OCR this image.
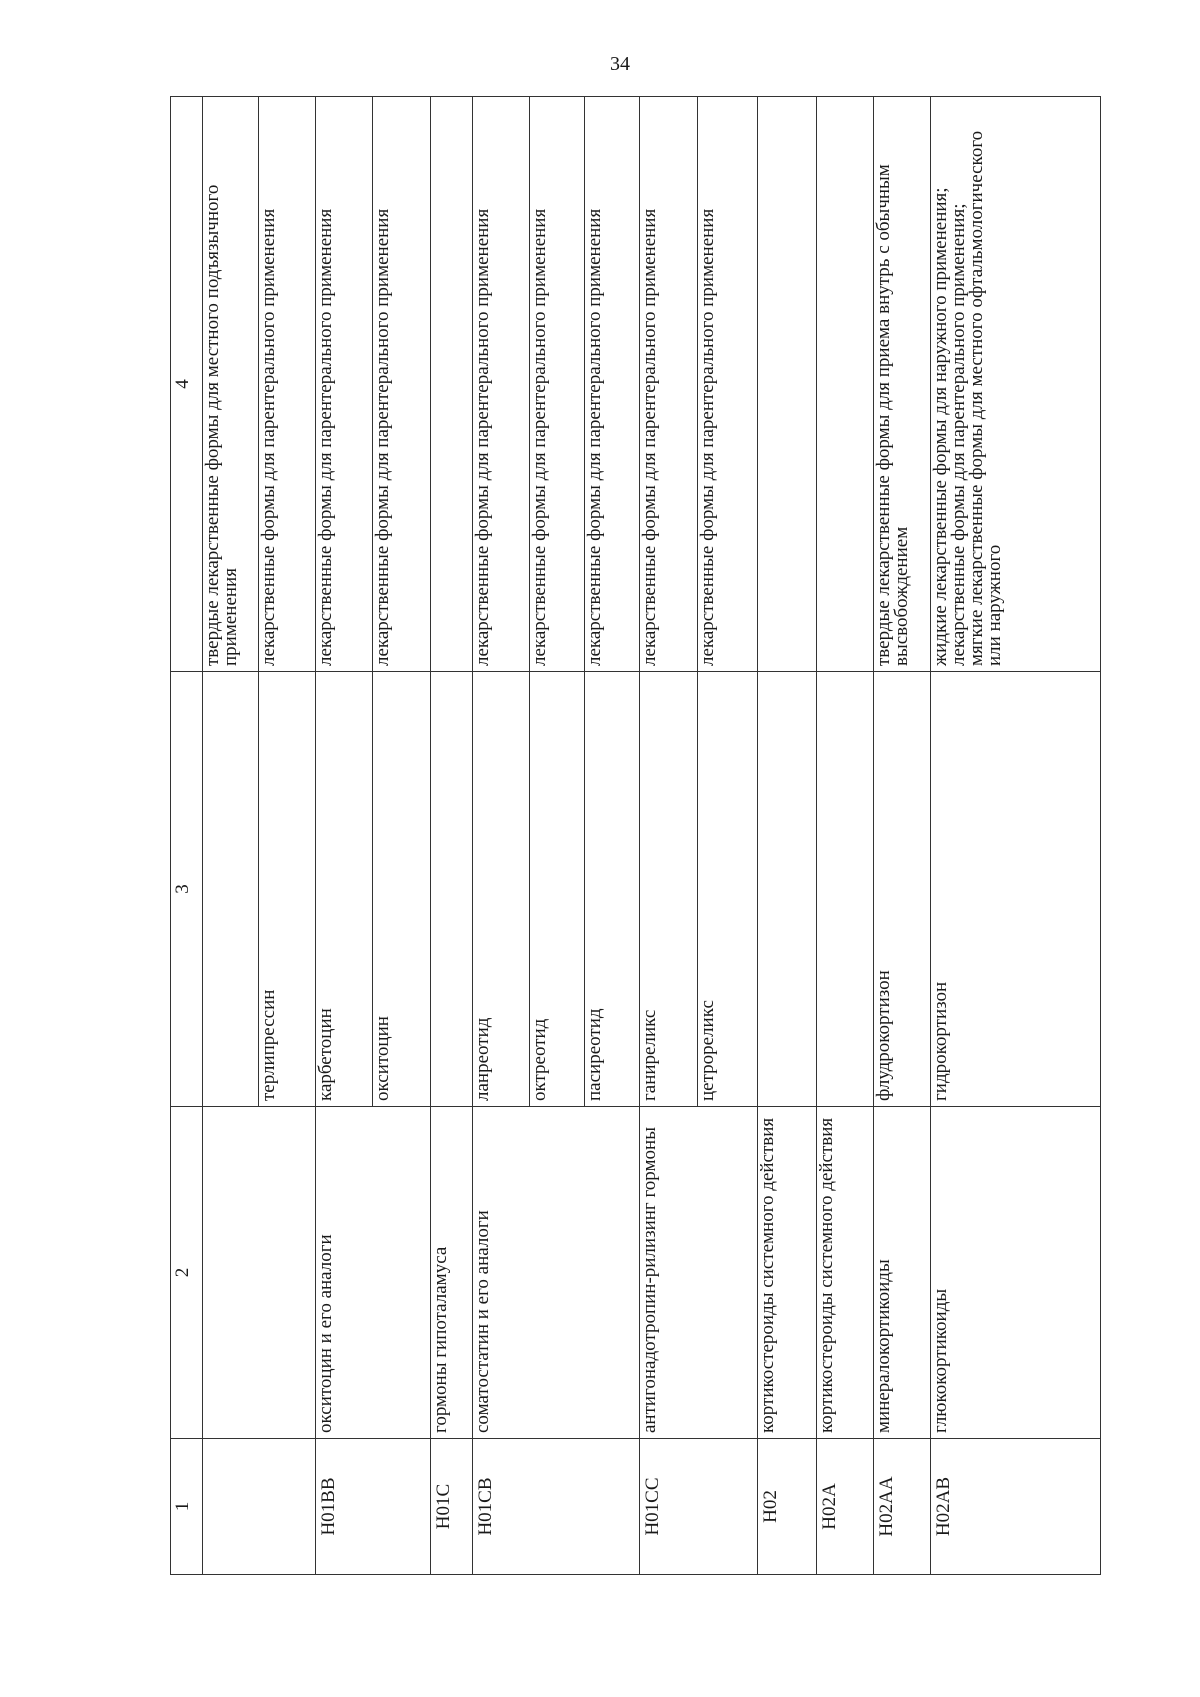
34
1	2	3	4
			твердые лекарственные формы для местного подъязычного применения
		терлипрессин	лекарственные формы для парентерального применения
H01BB	окситоцин и его аналоги	карбетоцин	лекарственные формы для парентерального применения
		окситоцин	лекарственные формы для парентерального применения
H01C	гормоны гипоталамуса		
H01CB	соматостатин и его аналоги	ланреотид	лекарственные формы для парентерального применения
		октреотид	лекарственные формы для парентерального применения
		пасиреотид	лекарственные формы для парентерального применения
H01CC	антигонадотропин-рилизинг гормоны	ганиреликс	лекарственные формы для парентерального применения
		цетрореликс	лекарственные формы для парентерального применения
H02	кортикостероиды системного действия		
H02A	кортикостероиды системного действия		
H02AA	минералокортикоиды	флудрокортизон	твердые лекарственные формы для приема внутрь с обычным высвобождением
H02AB	глюкокортикоиды	гидрокортизон	жидкие лекарственные формы для наружного применения;
лекарственные формы для парентерального применения;
мягкие лекарственные формы для местного офтальмологического или наружного
